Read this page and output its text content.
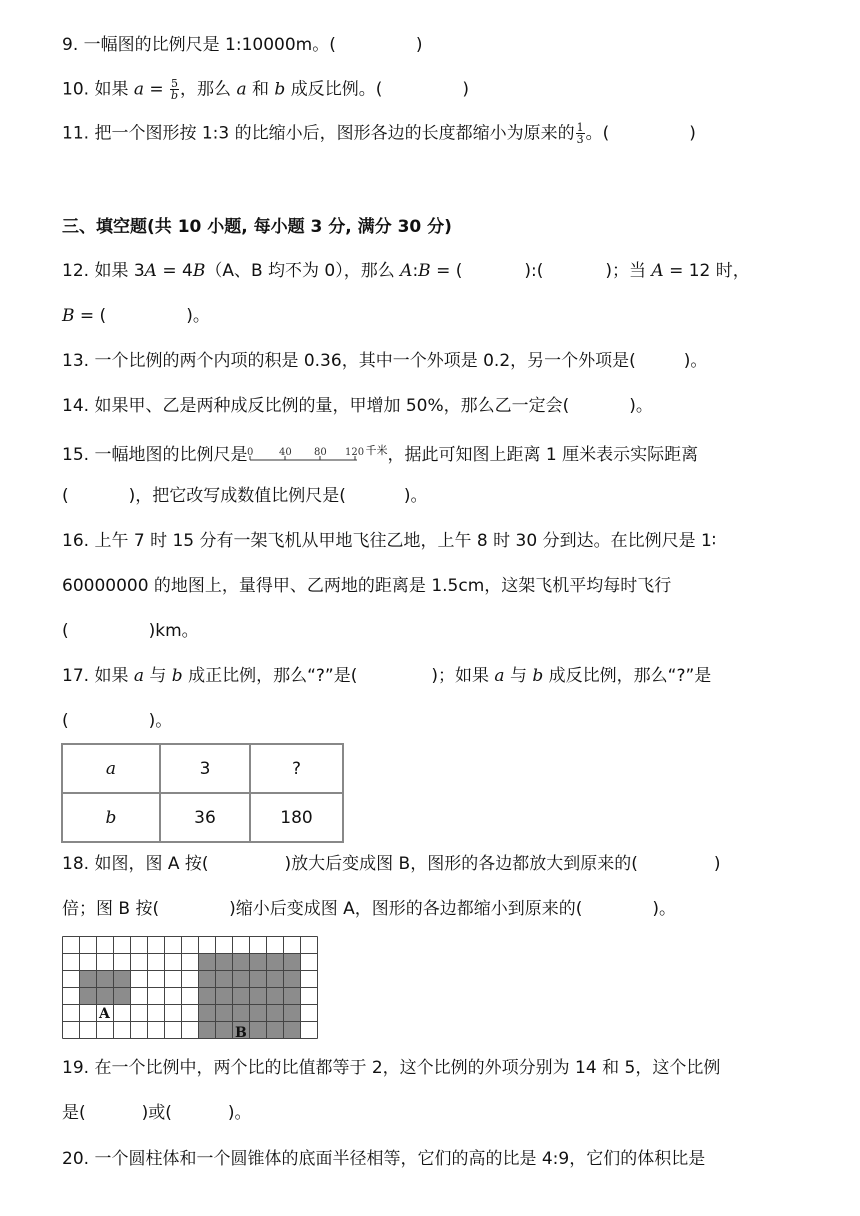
9. 一幅图的比例尺是 1:10000m。(	)
10. 如果 $a = \frac{5}{b}$ ，那么 a 和 b 成反比例。(	)
11. 把一个图形按 1:3 的比缩小后，图形各边的长度都缩小为原来的 $\frac{1}{3}$ 。(	)
三、填空题(共 10 小题, 每小题 3 分, 满分 30 分)
12. 如果 3A = 4B（A、B 均不为 0），那么 A:B = (	):(	)；当 A = 12 时，
B = (	)。
13. 一个比例的两个内项的积是 0.36，其中一个外项是 0.2，另一个外项是(	)。
14. 如果甲、乙是两种成反比例的量，甲增加 50%，那么乙一定会(	)。
15. 一幅地图的比例尺是 0	40 80 120 $^{千米}$，据此可知图上距离 1 厘米表示实际距离
(	)，把它改写成数值比例尺是(	)。
16. 上午 7 时 15 分有一架飞机从甲地飞往乙地，上午 8 时 30 分到达。在比例尺是 1∶
60000000 的地图上，量得甲、乙两地的距离是 1.5cm，这架飞机平均每时飞行
(	)km。
17. 如果 a 与 b 成正比例，那么“?”是(	)；如果 a 与 b 成反比例，那么“?”是
(	)。
a	3	?
b	36	180
18. 如图，图 A 按(	)放大后变成图 B，图形的各边都放大到原来的(	)
倍；图 B 按(	)缩小后变成图 A，图形的各边都缩小到原来的(	)。
A
B
19. 在一个比例中，两个比的比值都等于 2，这个比例的外项分别为 14 和 5，这个比例
是(	)或(	)。
20. 一个圆柱体和一个圆锥体的底面半径相等，它们的高的比是 4:9，它们的体积比是
